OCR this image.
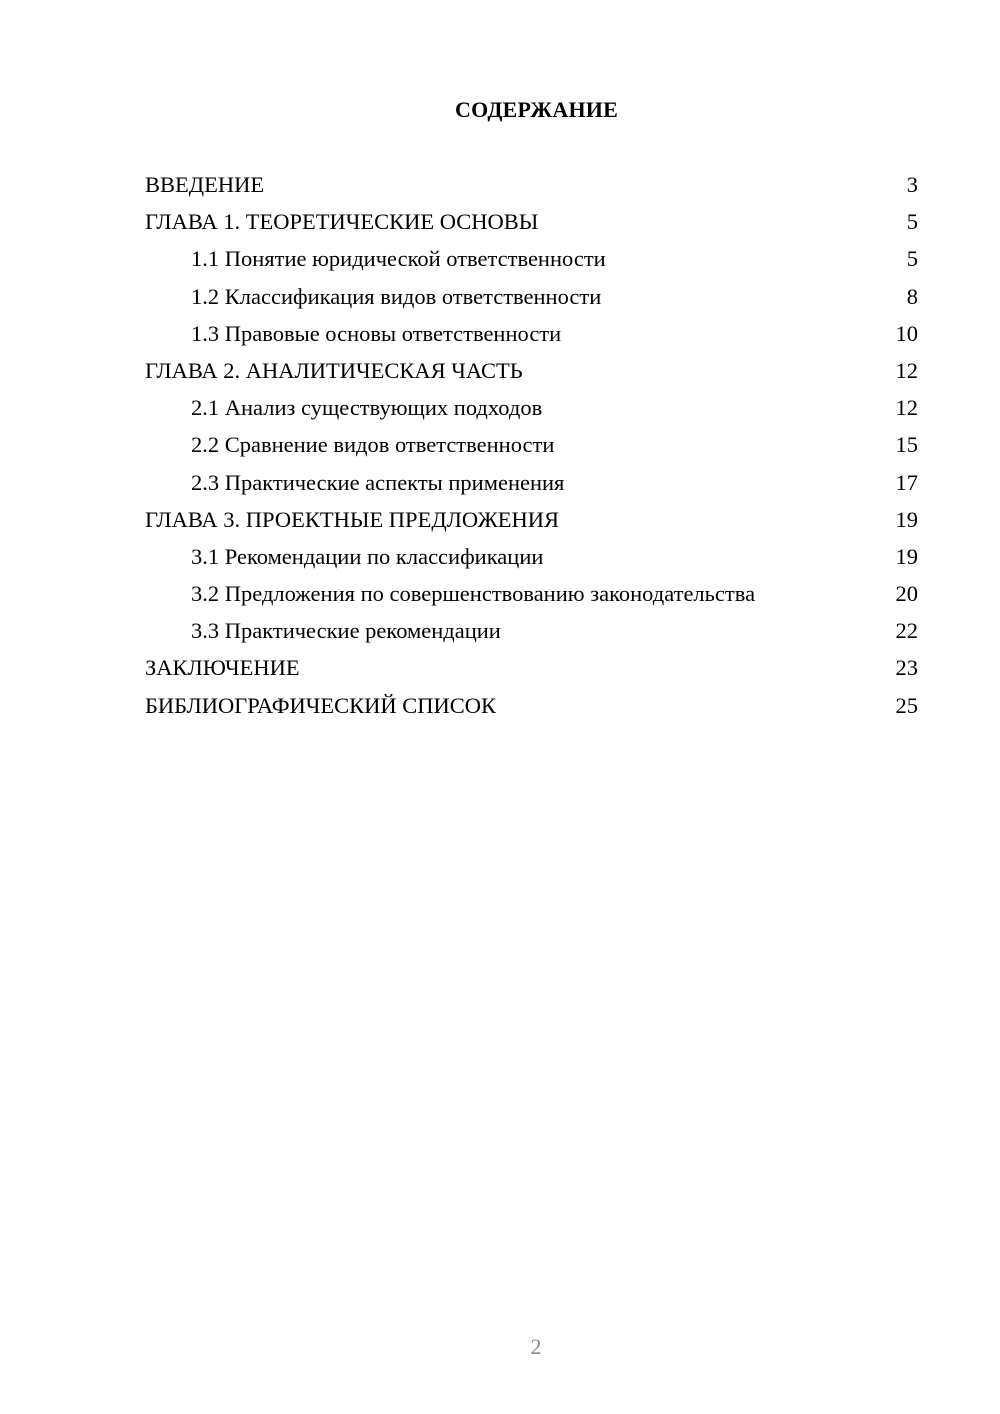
СОДЕРЖАНИЕ
ВВЕДЕНИЕ	3
ГЛАВА 1. ТЕОРЕТИЧЕСКИЕ ОСНОВЫ	5
1.1 Понятие юридической ответственности	5
1.2 Классификация видов ответственности	8
1.3 Правовые основы ответственности	10
ГЛАВА 2. АНАЛИТИЧЕСКАЯ ЧАСТЬ	12
2.1 Анализ существующих подходов	12
2.2 Сравнение видов ответственности	15
2.3 Практические аспекты применения	17
ГЛАВА 3. ПРОЕКТНЫЕ ПРЕДЛОЖЕНИЯ	19
3.1 Рекомендации по классификации	19
3.2 Предложения по совершенствованию законодательства	20
3.3 Практические рекомендации	22
ЗАКЛЮЧЕНИЕ	23
БИБЛИОГРАФИЧЕСКИЙ СПИСОК	25
2
